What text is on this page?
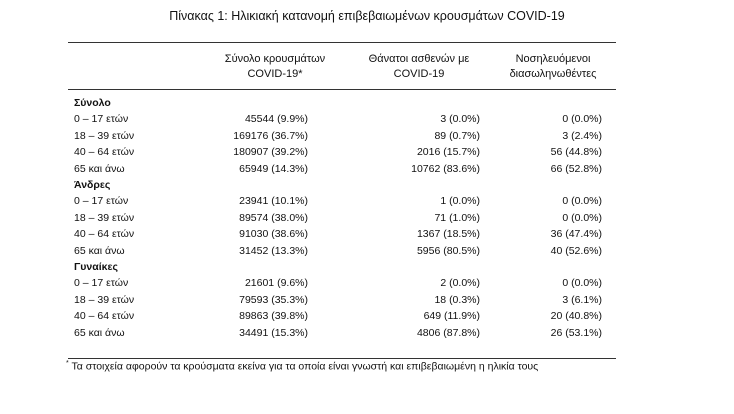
Πίνακας 1: Ηλικιακή κατανομή επιβεβαιωμένων κρουσμάτων COVID-19
Σύνολο κρουσμάτων
COVID-19*
Θάνατοι ασθενών με
COVID-19
Νοσηλευόμενοι
διασωληνωθέντες
Σύνολο			
0 – 17 ετών	45544 (9.9%)	3 (0.0%)	0 (0.0%)
18 – 39 ετών	169176 (36.7%)	89 (0.7%)	3 (2.4%)
40 – 64 ετών	180907 (39.2%)	2016 (15.7%)	56 (44.8%)
65 και άνω	65949 (14.3%)	10762 (83.6%)	66 (52.8%)
Άνδρες			
0 – 17 ετών	23941 (10.1%)	1 (0.0%)	0 (0.0%)
18 – 39 ετών	89574 (38.0%)	71 (1.0%)	0 (0.0%)
40 – 64 ετών	91030 (38.6%)	1367 (18.5%)	36 (47.4%)
65 και άνω	31452 (13.3%)	5956 (80.5%)	40 (52.6%)
Γυναίκες			
0 – 17 ετών	21601 (9.6%)	2 (0.0%)	0 (0.0%)
18 – 39 ετών	79593 (35.3%)	18 (0.3%)	3 (6.1%)
40 – 64 ετών	89863 (39.8%)	649 (11.9%)	20 (40.8%)
65 και άνω	34491 (15.3%)	4806 (87.8%)	26 (53.1%)
* Τα στοιχεία αφορούν τα κρούσματα εκείνα για τα οποία είναι γνωστή και επιβεβαιωμένη η ηλικία τους
